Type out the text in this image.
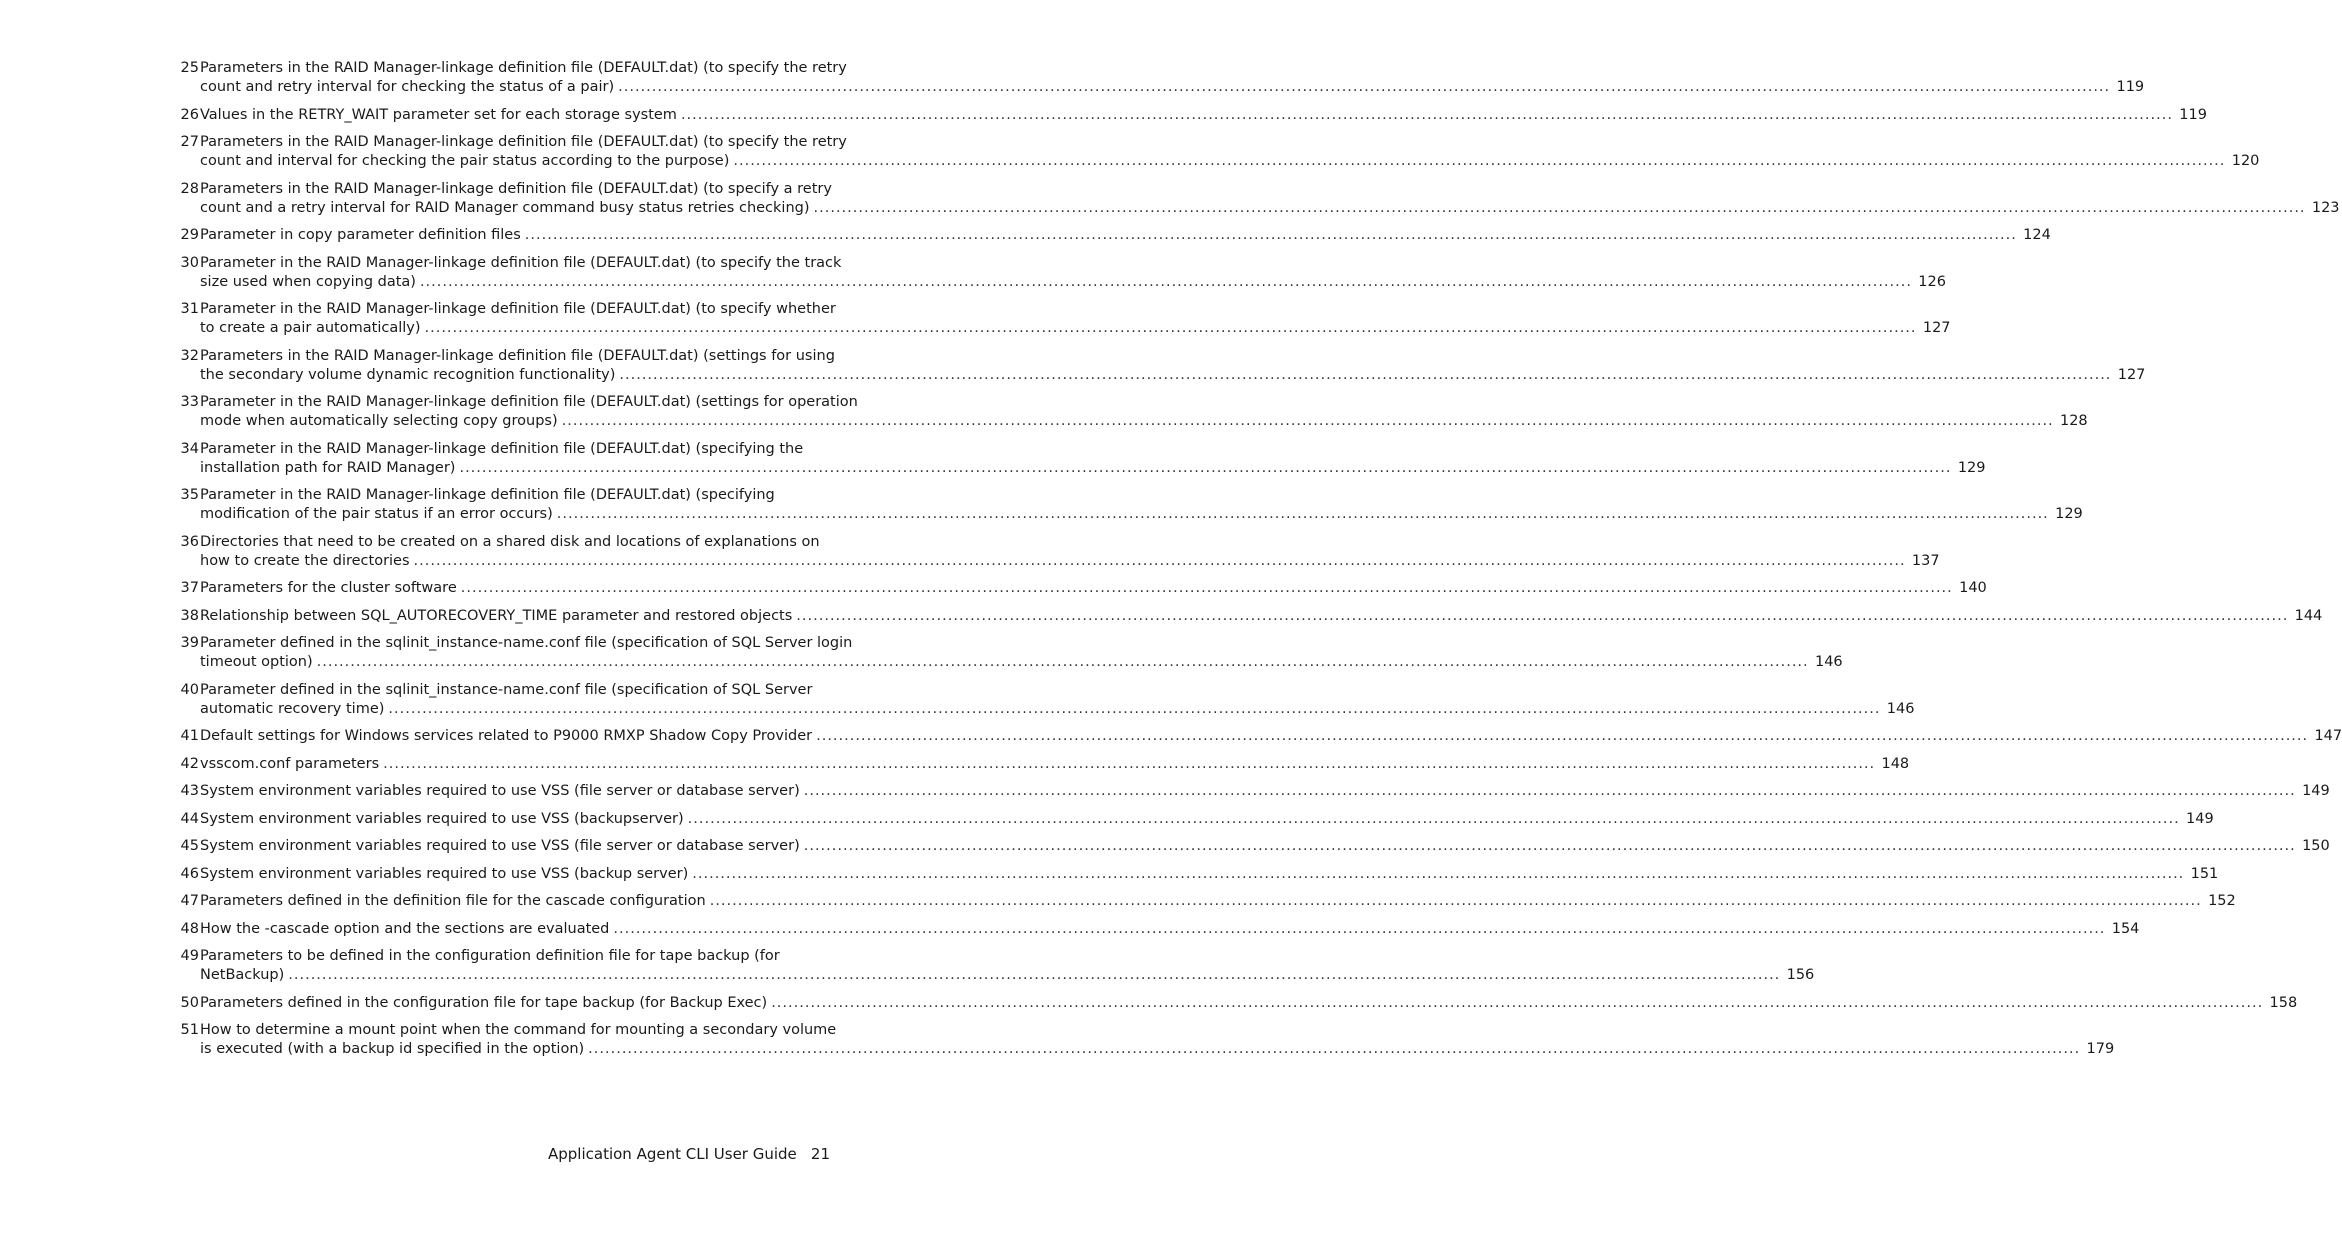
25 Parameters in the RAID Manager-linkage definition file (DEFAULT.dat) (to specify the retry
count and retry interval for checking the status of a pair) .....	119
26 Values in the RETRY_WAIT parameter set for each storage system .....	119
27 Parameters in the RAID Manager-linkage definition file (DEFAULT.dat) (to specify the retry
count and interval for checking the pair status according to the purpose) .....	120
28 Parameters in the RAID Manager-linkage definition file (DEFAULT.dat) (to specify a retry
count and a retry interval for RAID Manager command busy status retries checking) .....	123
29 Parameter in copy parameter definition files .....	124
30 Parameter in the RAID Manager-linkage definition file (DEFAULT.dat) (to specify the track
size used when copying data) .....	126
31 Parameter in the RAID Manager-linkage definition file (DEFAULT.dat) (to specify whether
to create a pair automatically) .....	127
32 Parameters in the RAID Manager-linkage definition file (DEFAULT.dat) (settings for using
the secondary volume dynamic recognition functionality) .....	127
33 Parameter in the RAID Manager-linkage definition file (DEFAULT.dat) (settings for operation
mode when automatically selecting copy groups) .....	128
34 Parameter in the RAID Manager-linkage definition file (DEFAULT.dat) (specifying the
installation path for RAID Manager) .....	129
35 Parameter in the RAID Manager-linkage definition file (DEFAULT.dat) (specifying
modification of the pair status if an error occurs) .....	129
36 Directories that need to be created on a shared disk and locations of explanations on
how to create the directories .....	137
37 Parameters for the cluster software .....	140
38 Relationship between SQL_AUTORECOVERY_TIME parameter and restored objects .....	144
39 Parameter defined in the sqlinit_instance-name.conf file (specification of SQL Server login
timeout option) .....	146
40 Parameter defined in the sqlinit_instance-name.conf file (specification of SQL Server
automatic recovery time) .....	146
41 Default settings for Windows services related to P9000 RMXP Shadow Copy Provider .....	147
42 vsscom.conf parameters .....	148
43 System environment variables required to use VSS (file server or database server) .....	149
44 System environment variables required to use VSS (backupserver) .....	149
45 System environment variables required to use VSS (file server or database server) .....	150
46 System environment variables required to use VSS (backup server) .....	151
47 Parameters defined in the definition file for the cascade configuration .....	152
48 How the -cascade option and the sections are evaluated .....	154
49 Parameters to be defined in the configuration definition file for tape backup (for
NetBackup) .....	156
50 Parameters defined in the configuration file for tape backup (for Backup Exec) .....	158
51 How to determine a mount point when the command for mounting a secondary volume
is executed (with a backup id specified in the option) .....	179
Application Agent CLI User Guide 21
